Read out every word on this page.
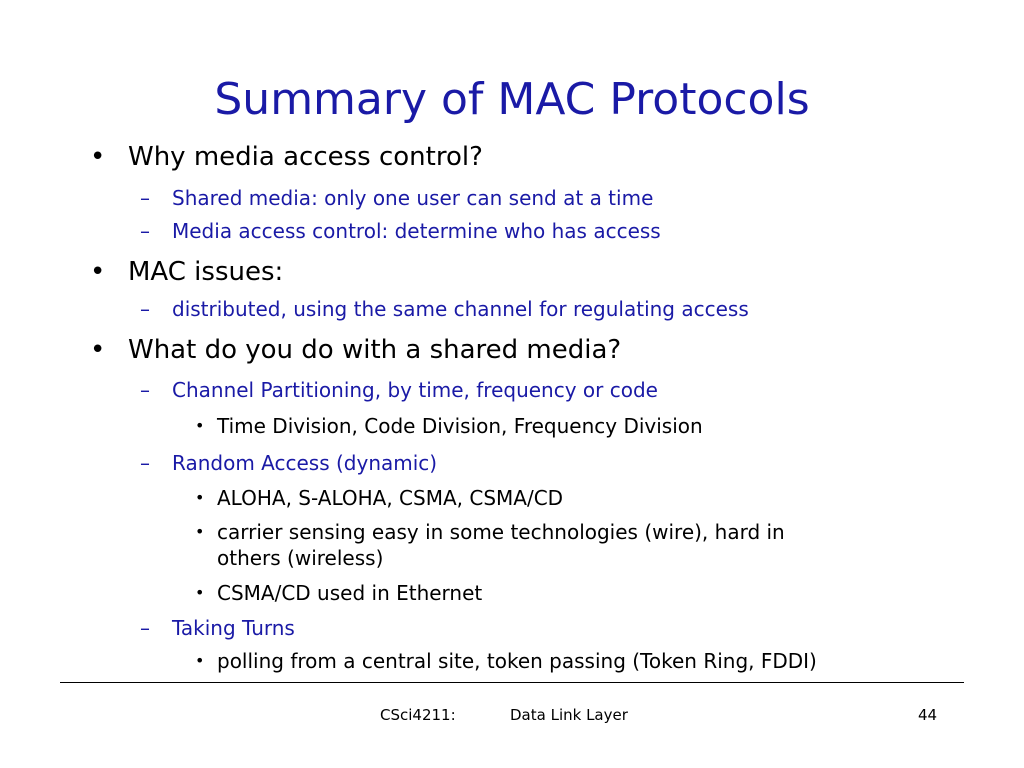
Summary of MAC Protocols
• Why media access control?
– Shared media: only one user can send at a time
– Media access control: determine who has access
• MAC issues:
– distributed, using the same channel for regulating access
• What do you do with a shared media?
– Channel Partitioning, by time, frequency or code
• Time Division, Code Division, Frequency Division
– Random Access (dynamic)
• ALOHA, S-ALOHA, CSMA, CSMA/CD
• carrier sensing easy in some technologies (wire), hard in
others (wireless)
• CSMA/CD used in Ethernet
– Taking Turns
• polling from a central site, token passing (Token Ring, FDDI)
CSci4211:	Data Link Layer	44
